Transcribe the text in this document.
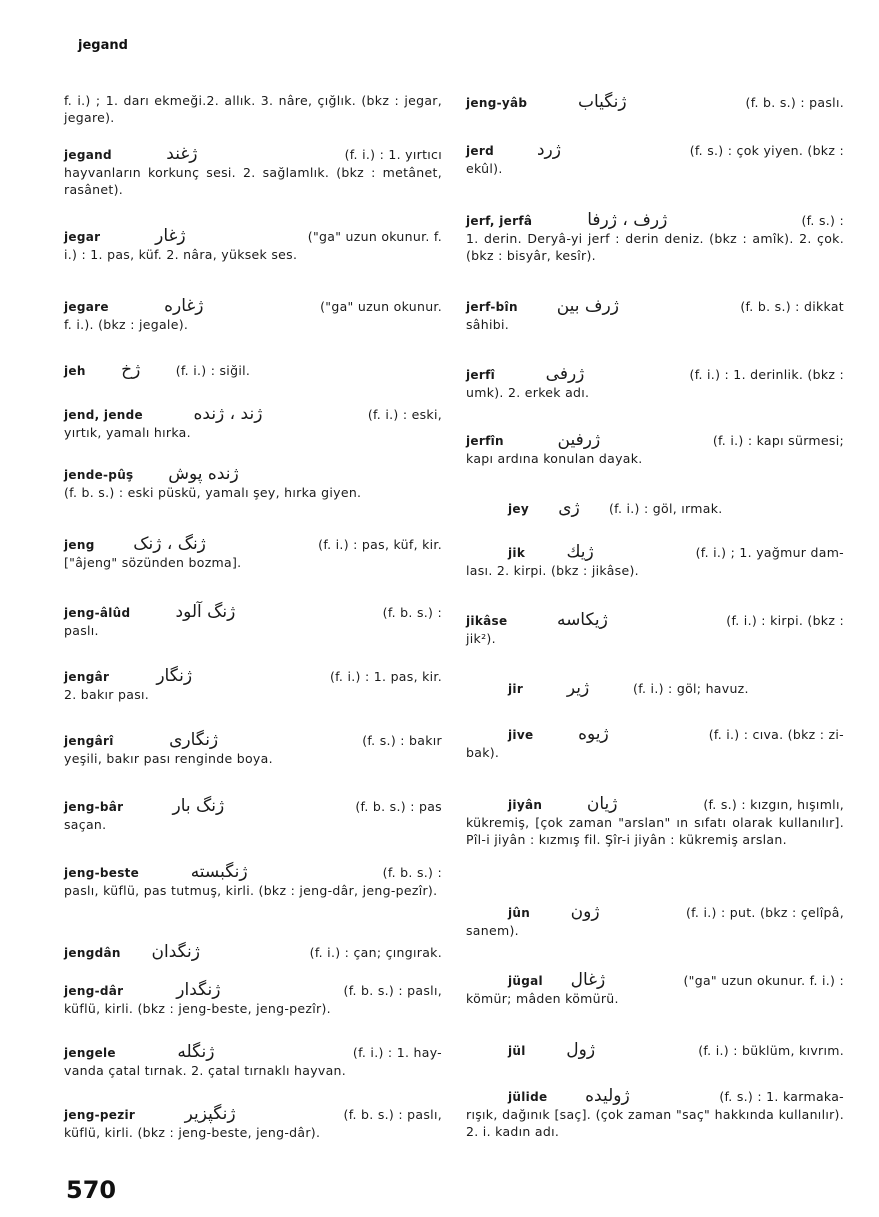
jegand
f. i.) ; 1. darı ekmeği.2. allık. 3. nâre, çığlık. (bkz : jegar, jegare).
jegand	ژغند	(f. i.) : 1. yırtıcı
hayvanların korkunç sesi. 2. sağlamlık. (bkz : metânet, rasânet).
jegar	ژغار	("ga" uzun okunur. f.
i.) : 1. pas, küf. 2. nâra, yüksek ses.
jegare	ژغاره	("ga" uzun okunur.
f. i.). (bkz : jegale).
jeh	ژخ	(f. i.) : siğil.
jend, jende	ژند ، ژنده	(f. i.) : eski,
yırtık, yamalı hırka.
jende-pûş	ژنده پوش
(f. b. s.) : eski püskü, yamalı şey, hırka giyen.
jeng	ژنگ ، ژنک	(f. i.) : pas, küf, kir.
["âjeng" sözünden bozma].
jeng-âlûd	ژنگ آلود	(f. b. s.) :
paslı.
jengâr	ژنگار	(f. i.) : 1. pas, kir.
2. bakır pası.
jengârî	ژنگاری	(f. s.) : bakır
yeşili, bakır pası renginde boya.
jeng-bâr	ژنگ بار	(f. b. s.) : pas
saçan.
jeng-beste	ژنگبسته	(f. b. s.) :
paslı, küflü, pas tutmuş, kirli. (bkz : jeng-dâr, jeng-pezîr).
jengdân	ژنگدان	(f. i.) : çan; çıngırak.
jeng-dâr	ژنگدار	(f. b. s.) : paslı,
küflü, kirli. (bkz : jeng-beste, jeng-pezîr).
jengele	ژنگله	(f. i.) : 1. hay-
vanda çatal tırnak. 2. çatal tırnaklı hayvan.
jeng-pezir	ژنگپزیر	(f. b. s.) : paslı,
küflü, kirli. (bkz : jeng-beste, jeng-dâr).
jeng-yâb	ژنگیاب	(f. b. s.) : paslı.
jerd	ژرد	(f. s.) : çok yiyen. (bkz :
ekûl).
jerf, jerfâ	ژرف ، ژرفا	(f. s.) :
1. derin. Deryâ-yi jerf : derin deniz. (bkz : amîk). 2. çok. (bkz : bisyâr, kesîr).
jerf-bîn	ژرف بین	(f. b. s.) : dikkat
sâhibi.
jerfî	ژرفی	(f. i.) : 1. derinlik. (bkz :
umk). 2. erkek adı.
jerfîn	ژرفین	(f. i.) : kapı sürmesi;
kapı ardına konulan dayak.
jey	ژی	(f. i.) : göl, ırmak.
jik	ژیك	(f. i.) ; 1. yağmur dam-
lası. 2. kirpi. (bkz : jikâse).
jikâse	ژیکاسه	(f. i.) : kirpi. (bkz :
jik²).
jir	ژیر	(f. i.) : göl; havuz.
jive	ژیوه	(f. i.) : cıva. (bkz : zi-
bak).
jiyân	ژیان	(f. s.) : kızgın, hışımlı,
kükremiş, [çok zaman "arslan" ın sıfatı olarak kullanılır]. Pîl-i jiyân : kızmış fil. Şîr-i jiyân : kükremiş arslan.
jûn	ژون	(f. i.) : put. (bkz : çelîpâ,
sanem).
jügal	ژغال	("ga" uzun okunur. f. i.) :
kömür; mâden kömürü.
jül	ژول	(f. i.) : büklüm, kıvrım.
jülide	ژولیده	(f. s.) : 1. karmaka-
rışık, dağınık [saç]. (çok zaman "saç" hakkında kullanılır). 2. i. kadın adı.
570
